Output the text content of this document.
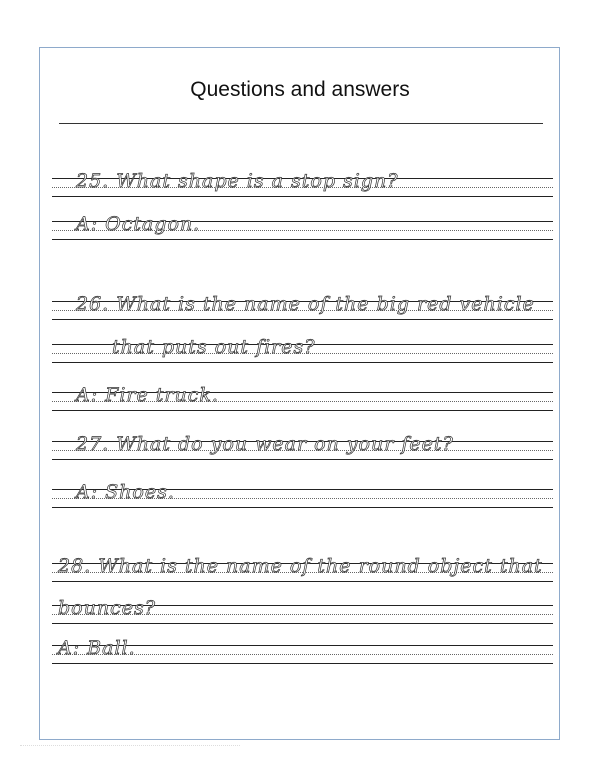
Questions and answers
25. What shape is a stop sign?
A: Octagon.
26. What is the name of the big red vehicle
that puts out fires?
A: Fire truck.
27. What do you wear on your feet?
A: Shoes.
28. What is the name of the round object that
bounces?
A: Ball.
